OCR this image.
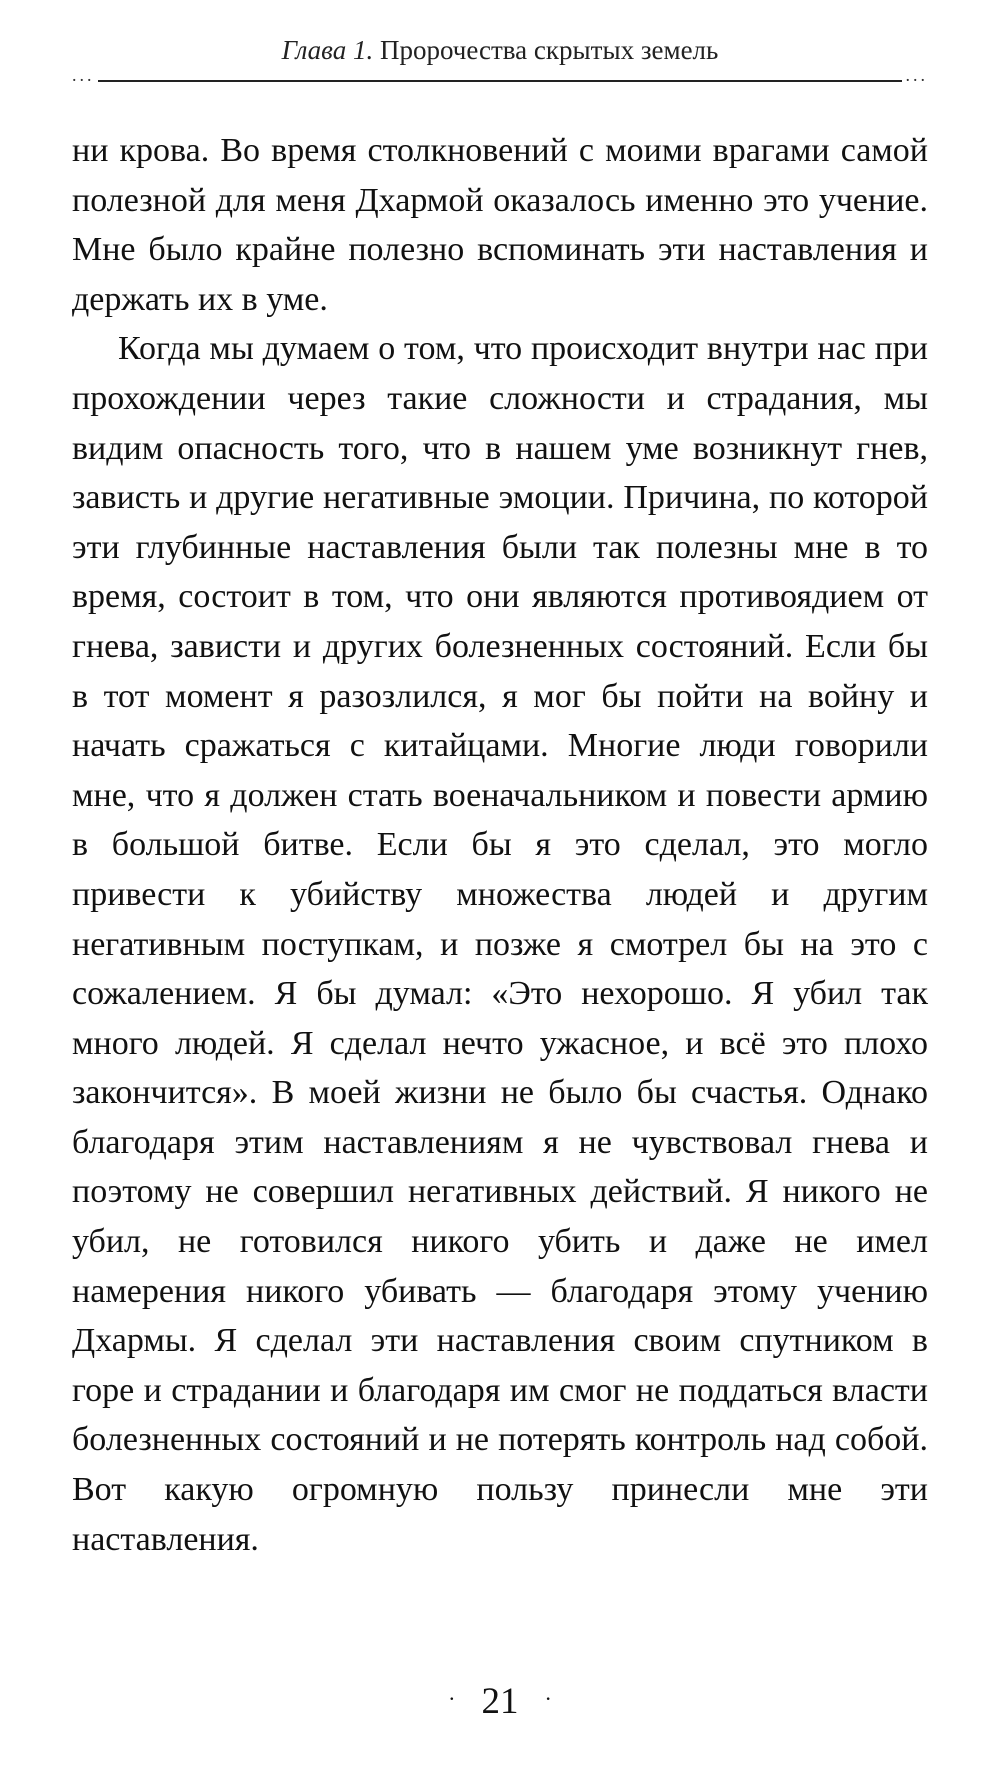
Глава 1. Пророчества скрытых земель
...	...

ни крова. Во время столкновений с моими врагами самой полезной для меня Дхармой оказалось именно это учение. Мне было крайне полезно вспоминать эти наставления и держать их в уме.

Когда мы думаем о том, что происходит внутри нас при прохождении через такие сложности и страдания, мы видим опасность того, что в нашем уме возникнут гнев, зависть и другие негативные эмоции. Причина, по которой эти глубинные наставления были так полезны мне в то время, состоит в том, что они являются противоядием от гнева, зависти и других болезненных состояний. Если бы в тот момент я разозлился, я мог бы пойти на войну и начать сражаться с китайцами. Многие люди говорили мне, что я должен стать военачальником и повести армию в большой битве. Если бы я это сделал, это могло привести к убийству множества людей и другим негативным поступкам, и позже я смотрел бы на это с сожалением. Я бы думал: «Это нехорошо. Я убил так много людей. Я сделал нечто ужасное, и всё это плохо закончится». В моей жизни не было бы счастья. Однако благодаря этим наставлениям я не чувствовал гнева и поэтому не совершил негативных действий. Я никого не убил, не готовился никого убить и даже не имел намерения никого убивать — благодаря этому учению Дхармы. Я сделал эти наставления своим спутником в горе и страдании и благодаря им смог не поддаться власти болезненных состояний и не потерять контроль над собой. Вот какую огромную пользу принесли мне эти наставления.

· 21 ·
